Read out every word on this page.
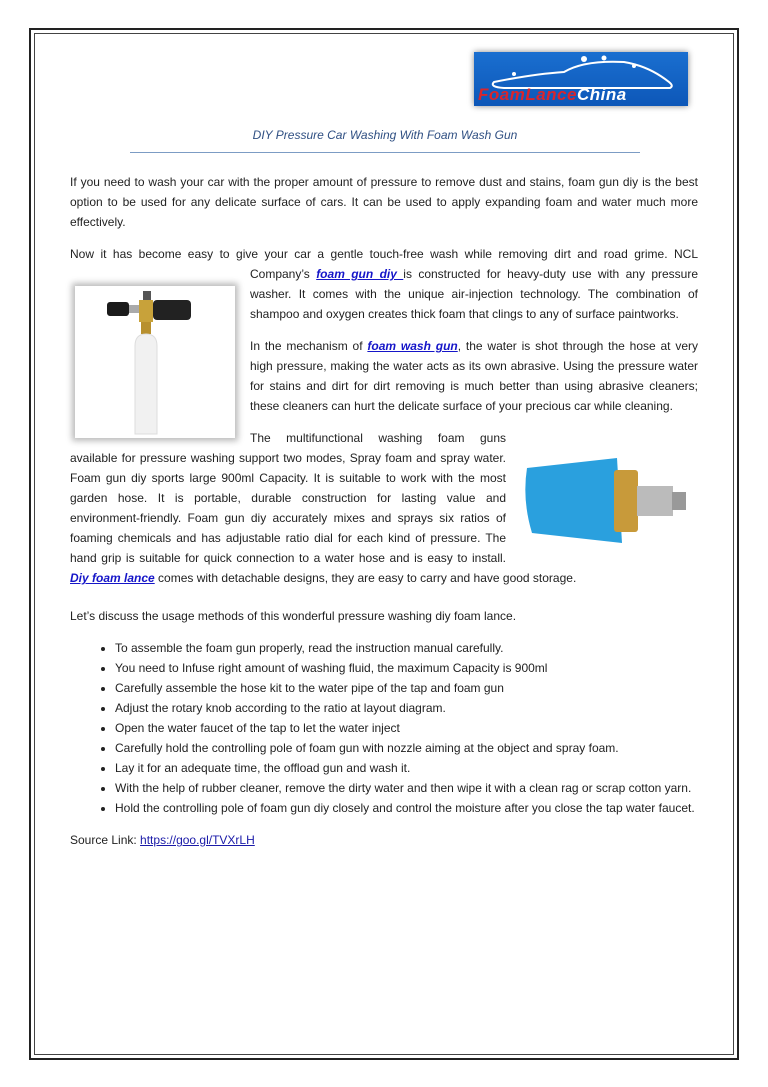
FoamLanceChina
DIY Pressure Car Washing With Foam Wash Gun

If you need to wash your car with the proper amount of pressure to remove dust and stains, foam gun diy is the best option to be used for any delicate surface of cars. It can be used to apply expanding foam and water much more effectively.

Now it has become easy to give your car a gentle touch-free wash while removing dirt and road grime. NCL Company’s foam gun diy
is constructed for heavy-duty use with any pressure washer. It comes with the unique air-injection technology. The combination of shampoo and oxygen creates thick foam that clings to any of surface paintworks.

In the mechanism of foam wash gun, the water is shot through the hose at very high pressure, making the water acts as its own abrasive. Using the pressure water for stains and dirt for dirt removing is much better than using abrasive cleaners; these cleaners can hurt the delicate surface of your precious car while cleaning.

The multifunctional washing foam guns available for pressure washing support two modes, Spray foam and spray water. Foam gun diy sports large 900ml Capacity. It is suitable to work with the most garden hose. It is portable, durable construction for lasting value and environment-friendly. Foam gun diy accurately mixes and sprays six ratios of foaming chemicals and has adjustable ratio dial for each kind of pressure. The hand grip is suitable for quick connection to a water hose and is easy to install. Diy foam lance comes with detachable designs, they are easy to carry and have good storage.

Let’s discuss the usage methods of this wonderful pressure washing diy foam lance.

• To assemble the foam gun properly, read the instruction manual carefully.
• You need to Infuse right amount of washing fluid, the maximum Capacity is 900ml
• Carefully assemble the hose kit to the water pipe of the tap and foam gun
• Adjust the rotary knob according to the ratio at layout diagram.
• Open the water faucet of the tap to let the water inject
• Carefully hold the controlling pole of foam gun with nozzle aiming at the object and spray foam.
• Lay it for an adequate time, the offload gun and wash it.
• With the help of rubber cleaner, remove the dirty water and then wipe it with a clean rag or scrap cotton yarn.
• Hold the controlling pole of foam gun diy closely and control the moisture after you close the tap water faucet.

Source Link: https://goo.gl/TVXrLH
